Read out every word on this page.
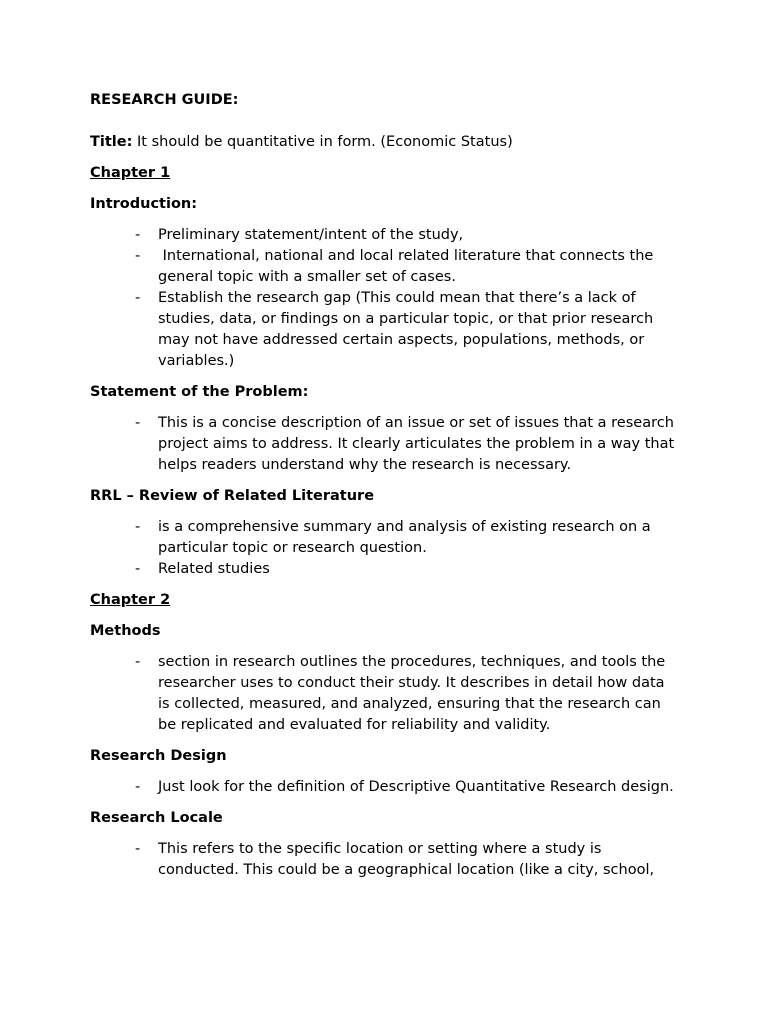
RESEARCH GUIDE:

Title: It should be quantitative in form. (Economic Status)

Chapter 1

Introduction:

- Preliminary statement/intent of the study,
- International, national and local related literature that connects the general topic with a smaller set of cases.
- Establish the research gap (This could mean that there’s a lack of studies, data, or findings on a particular topic, or that prior research may not have addressed certain aspects, populations, methods, or variables.)

Statement of the Problem:

- This is a concise description of an issue or set of issues that a research project aims to address. It clearly articulates the problem in a way that helps readers understand why the research is necessary.

RRL – Review of Related Literature

- is a comprehensive summary and analysis of existing research on a particular topic or research question.
- Related studies

Chapter 2

Methods

- section in research outlines the procedures, techniques, and tools the researcher uses to conduct their study. It describes in detail how data is collected, measured, and analyzed, ensuring that the research can be replicated and evaluated for reliability and validity.

Research Design

- Just look for the definition of Descriptive Quantitative Research design.

Research Locale

- This refers to the specific location or setting where a study is conducted. This could be a geographical location (like a city, school,
